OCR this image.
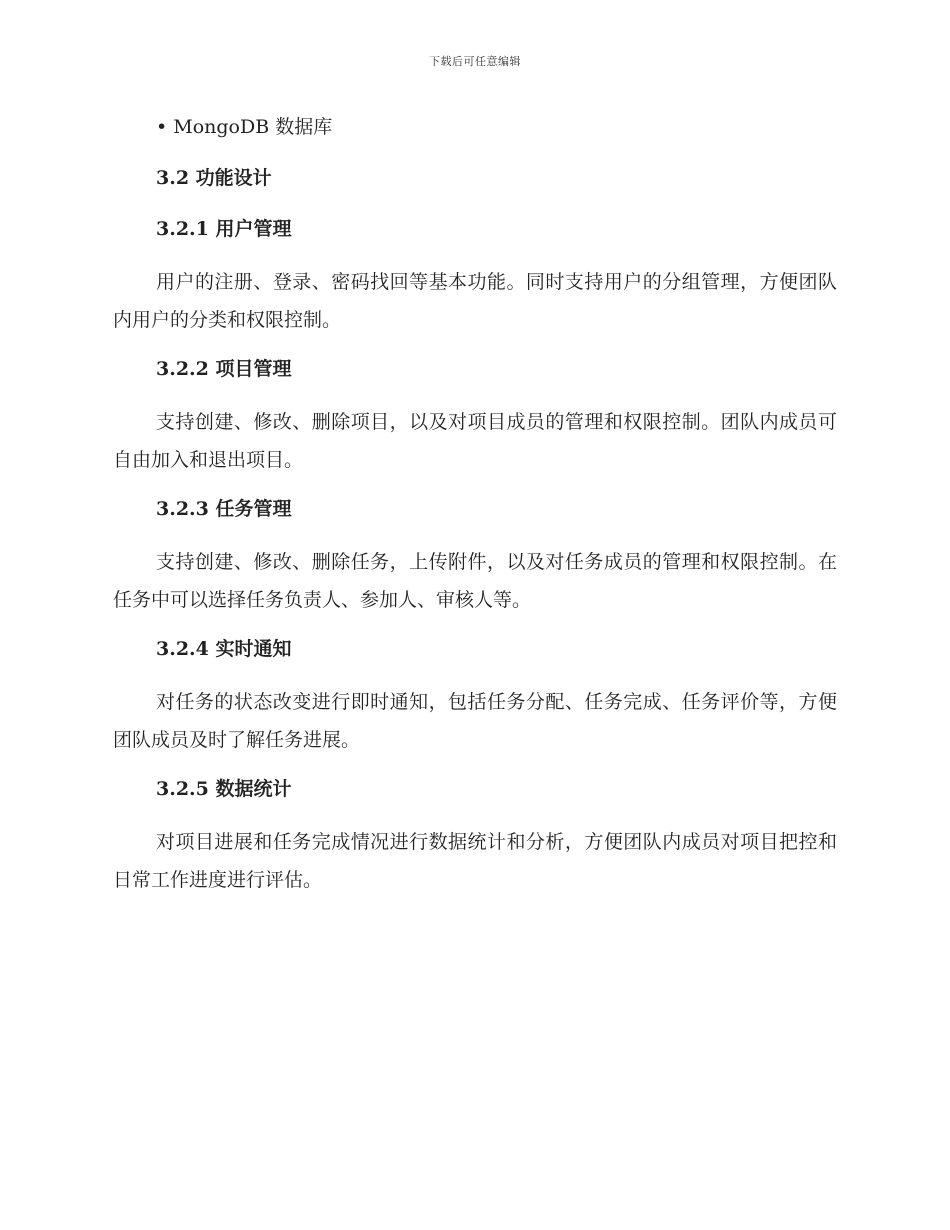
下载后可任意编辑

• MongoDB 数据库

3.2 功能设计

3.2.1 用户管理

用户的注册、登录、密码找回等基本功能。同时支持用户的分组管理，方便团队内用户的分类和权限控制。

3.2.2 项目管理

支持创建、修改、删除项目，以及对项目成员的管理和权限控制。团队内成员可自由加入和退出项目。

3.2.3 任务管理

支持创建、修改、删除任务，上传附件，以及对任务成员的管理和权限控制。在任务中可以选择任务负责人、参加人、审核人等。

3.2.4 实时通知

对任务的状态改变进行即时通知，包括任务分配、任务完成、任务评价等，方便团队成员及时了解任务进展。

3.2.5 数据统计

对项目进展和任务完成情况进行数据统计和分析，方便团队内成员对项目把控和日常工作进度进行评估。
